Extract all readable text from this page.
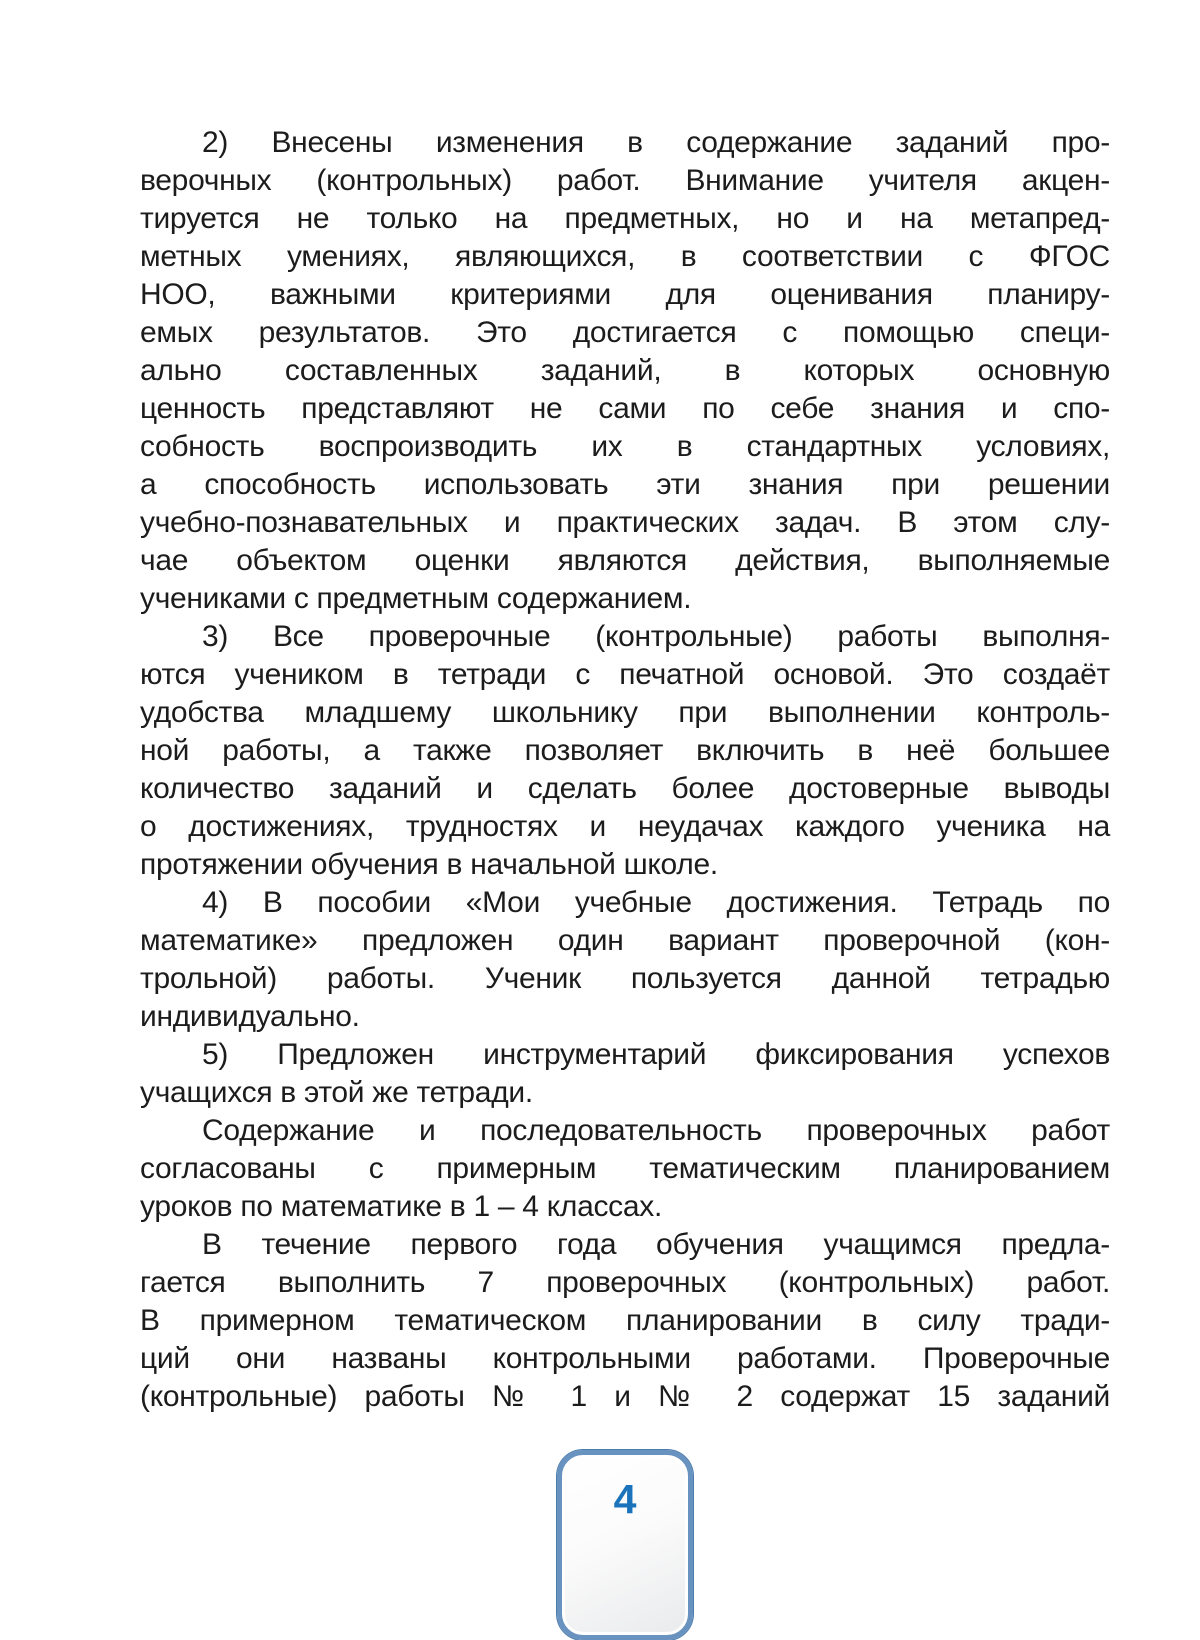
2) Внесены изменения в содержание заданий про-
верочных (контрольных) работ. Внимание учителя акцен-
тируется не только на предметных, но и на метапред-
метных умениях, являющихся, в соответствии с ФГОС
НОО, важными критериями для оценивания планиру-
емых результатов. Это достигается с помощью специ-
ально составленных заданий, в которых основную
ценность представляют не сами по себе знания и спо-
собность воспроизводить их в стандартных условиях,
а способность использовать эти знания при решении
учебно-познавательных и практических задач. В этом слу-
чае объектом оценки являются действия, выполняемые
учениками с предметным содержанием.
3) Все проверочные (контрольные) работы выполня-
ются учеником в тетради с печатной основой. Это создаёт
удобства младшему школьнику при выполнении контроль-
ной работы, а также позволяет включить в неё большее
количество заданий и сделать более достоверные выводы
о достижениях, трудностях и неудачах каждого ученика на
протяжении обучения в начальной школе.
4) В пособии «Мои учебные достижения. Тетрадь по
математике» предложен один вариант проверочной (кон-
трольной) работы. Ученик пользуется данной тетрадью
индивидуально.
5) Предложен инструментарий фиксирования успехов
учащихся в этой же тетради.
Содержание и последовательность проверочных работ
согласованы с примерным тематическим планированием
уроков по математике в 1 – 4 классах.
В течение первого года обучения учащимся предла-
гается выполнить 7 проверочных (контрольных) работ.
В примерном тематическом планировании в силу тради-
ций они названы контрольными работами. Проверочные
(контрольные) работы № 1 и № 2 содержат 15 заданий
4
